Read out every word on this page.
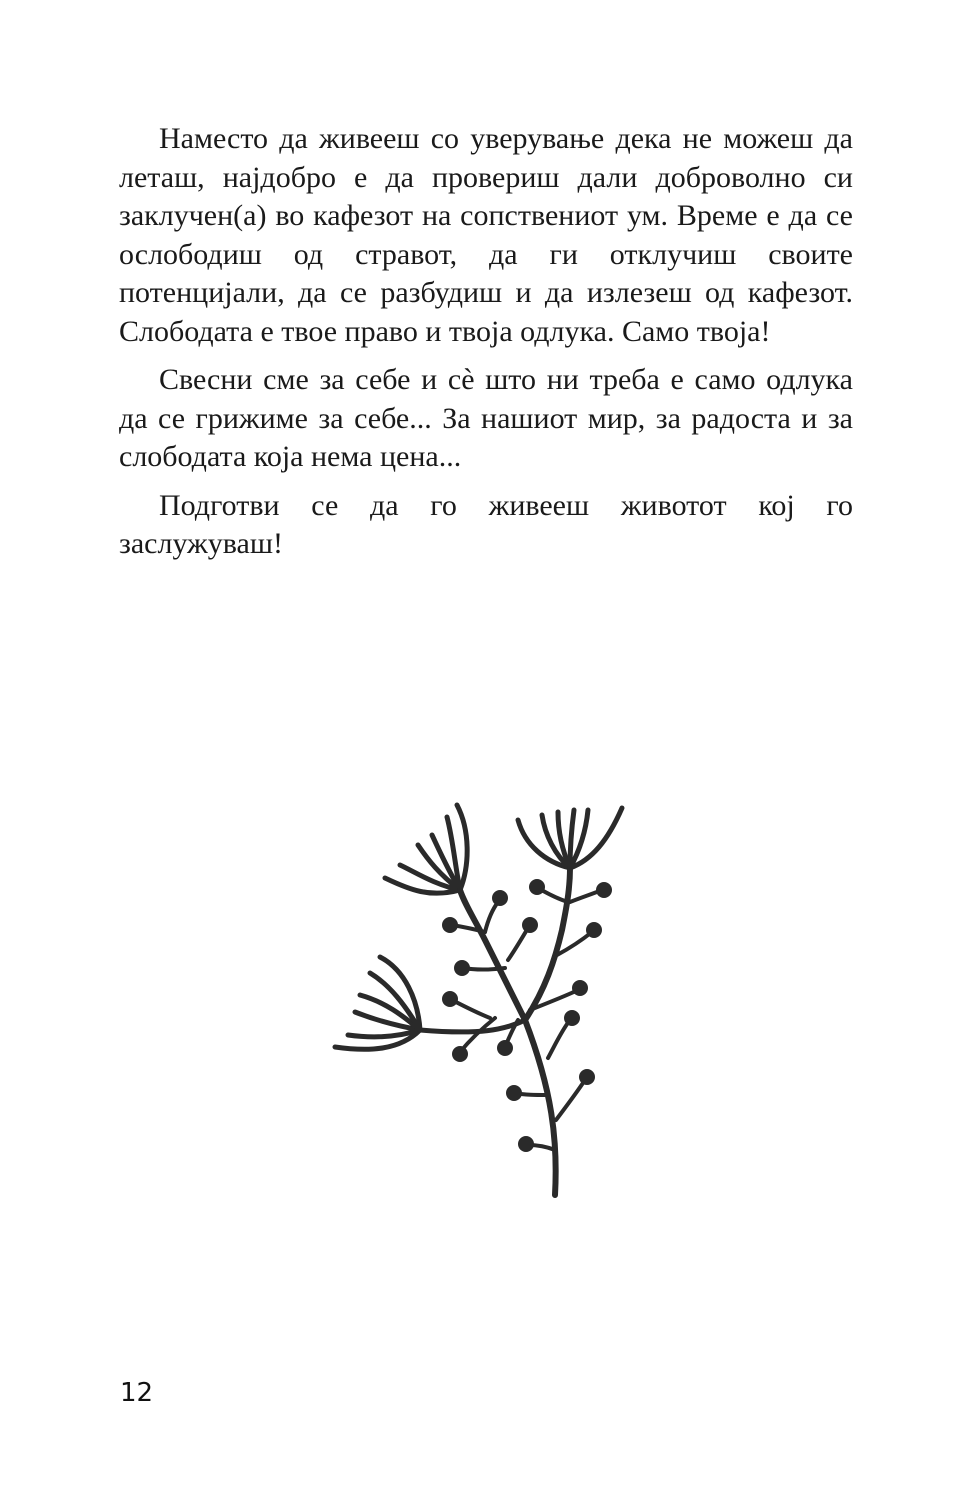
Наместо да живееш со уверување дека не можеш да леташ, најдобро е да провериш дали доброволно си заклучен(а) во кафезот на сопствениот ум. Време е да се ослободиш од стравот, да ги отклучиш своите потенцијали, да се разбудиш и да излезеш од кафезот. Слободата е твое право и твоја одлука. Само твоја!

Свесни сме за себе и сè што ни треба е само одлука да се грижиме за себе... За нашиот мир, за радоста и за слободата која нема цена...

Подготви се да го живееш животот кој го заслужуваш!

12
